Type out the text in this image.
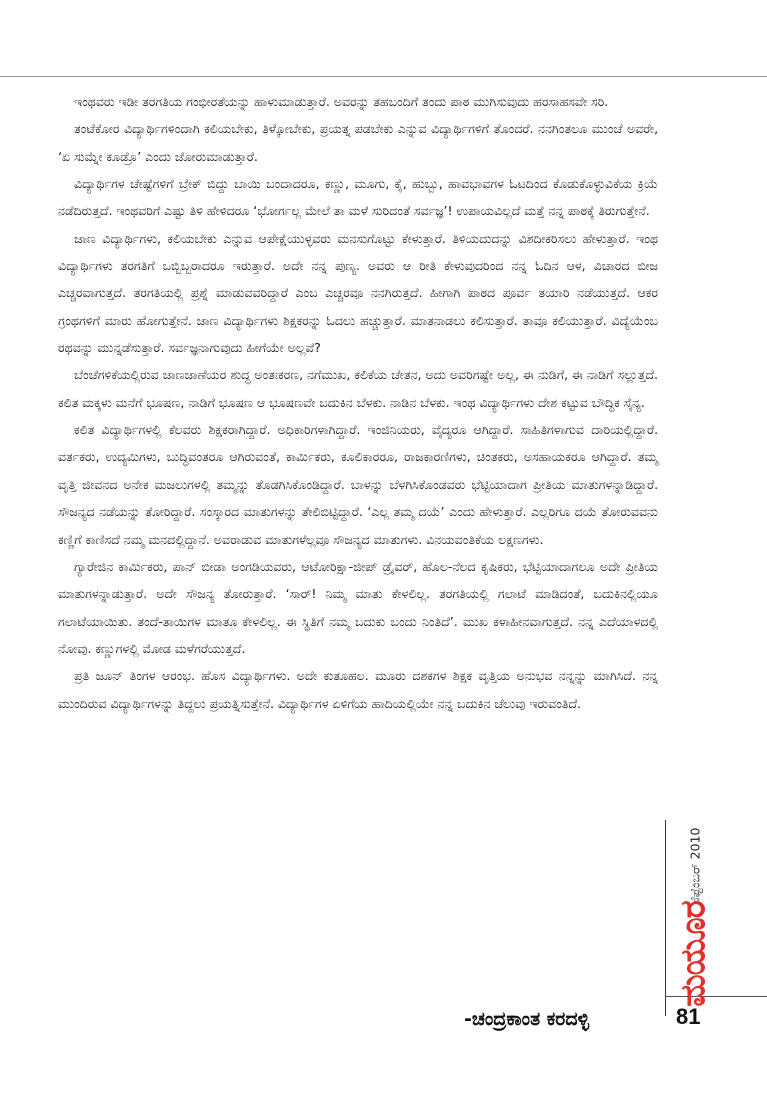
ಇಂಥವರು ಇಡೀ ತರಗತಿಯ ಗಂಭೀರತೆಯನ್ನು ಹಾಳುಮಾಡುತ್ತಾರೆ. ಅವರನ್ನು ತಹಬಂದಿಗೆ ತಂದು ಪಾಠ ಮುಗಿಸುವುದು ಹರಸಾಹಸವೇ ಸರಿ.

ತಂಟೆಕೋರ ವಿದ್ಯಾರ್ಥಿಗಳಿಂದಾಗಿ ಕಲಿಯಬೇಕು, ತಿಳ್ಕೋಬೇಕು, ಪ್ರಯತ್ನ ಪಡಬೇಕು ಎನ್ನುವ ವಿದ್ಯಾರ್ಥಿಗಳಿಗೆ ತೊಂದರೆ. ನನಗಿಂತಲೂ ಮುಂಚೆ ಅವರೇ, ‘ಏ ಸುಮ್ನೇ ಕೂಡ್ರೊ’ ಎಂದು ಜೋರುಮಾಡುತ್ತಾರೆ.

ವಿದ್ಯಾರ್ಥಿಗಳ ಚೇಷ್ಟೆಗಳಿಗೆ ಬ್ರೇಕ್ ಬಿದ್ದು ಬಾಯಿ ಬಂದಾದರೂ, ಕಣ್ಣು, ಮೂಗು, ಕೈ, ಹುಬ್ಬು, ಹಾವಭಾವಗಳ ಓಟದಿಂದ ಕೊಡುಕೊಳ್ಳುವಿಕೆಯ ಕ್ರಿಯೆ ನಡೆದಿರುತ್ತದೆ. ಇಂಥವರಿಗೆ ಎಷ್ಟು ತಿಳಿ ಹೇಳಿದರೂ ‘ಭೋರ್ಗಲ್ಲ ಮೇಲೆ ತಾ ಮಳೆ ಸುರಿದಂತೆ ಸರ್ವಜ್ಞ’! ಉಪಾಯವಿಲ್ಲದೆ ಮತ್ತೆ ನನ್ನ ಪಾಠಕ್ಕೆ ತಿರುಗುತ್ತೇನೆ.

ಜಾಣ ವಿದ್ಯಾರ್ಥಿಗಳು, ಕಲಿಯಬೇಕು ಎನ್ನುವ ಆಪೇಕ್ಷೆಯುಳ್ಳವರು ಮನಸುಗೊಟ್ಟು ಕೇಳುತ್ತಾರೆ. ತಿಳಿಯದುದನ್ನು ವಿಶದೀಕರಿಸಲು ಹೇಳುತ್ತಾರೆ. ಇಂಥ ವಿದ್ಯಾರ್ಥಿಗಳು ತರಗತಿಗೆ ಒಬ್ಬಿಬ್ಬರಾದರೂ ಇರುತ್ತಾರೆ. ಅದೇ ನನ್ನ ಪುಣ್ಯ. ಅವರು ಆ ರೀತಿ ಕೇಳುವುದರಿಂದ ನನ್ನ ಓದಿನ ಆಳ, ವಿಚಾರದ ಬೀಜ ಎಚ್ಚರವಾಗುತ್ತದೆ. ತರಗತಿಯಲ್ಲಿ ಪ್ರಶ್ನೆ ಮಾಡುವವರಿದ್ದಾರೆ ಎಂಬ ಎಚ್ಚರವೂ ನನಗಿರುತ್ತದೆ. ಹೀಗಾಗಿ ಪಾಠದ ಪೂರ್ವ ತಯಾರಿ ನಡೆಯುತ್ತದೆ. ಆಕರ ಗ್ರಂಥಗಳಿಗೆ ಮಾರು ಹೋಗುತ್ತೇನೆ. ಜಾಣ ವಿದ್ಯಾರ್ಥಿಗಳು ಶಿಕ್ಷಕರನ್ನು ಓದಲು ಹಚ್ಚುತ್ತಾರೆ. ಮಾತನಾಡಲು ಕಲಿಸುತ್ತಾರೆ. ತಾವೂ ಕಲಿಯುತ್ತಾರೆ. ವಿದ್ಯೆಯೆಂಬ ರಥವನ್ನು ಮುನ್ನಡೆಸುತ್ತಾರೆ. ಸರ್ವಜ್ಞನಾಗುವುದು ಹೀಗೆಯೇ ಅಲ್ಲವೆ?

ಬೆಂಚೆಗಳಿಕೆಯಲ್ಲಿರುವ ಜಾಣಜಾಣೆಯರ ಶುದ್ಧ ಅಂತಃಕರಣ, ನಗೆಮುಖ, ಕಲಿಕೆಯ ಚೇತನ, ಅದು ಅವರಿಗಷ್ಟೇ ಅಲ್ಲ, ಈ ನುಡಿಗೆ, ಈ ನಾಡಿಗೆ ಸಲ್ಲುತ್ತದೆ. ಕಲಿತ ಮಕ್ಕಳು ಮನೆಗೆ ಭೂಷಣ, ನಾಡಿಗೆ ಭೂಷಣ ಆ ಭೂಷಣವೇ ಬದುಕಿನ ಬೆಳಕು. ನಾಡಿನ ಬೆಳಕು. ಇಂಥ ವಿದ್ಯಾರ್ಥಿಗಳು ದೇಶ ಕಟ್ಟುವ ಬೌದ್ಧಿಕ ಸೈನ್ಯ.

ಕಲಿತ ವಿದ್ಯಾರ್ಥಿಗಳಲ್ಲಿ ಕೆಲವರು ಶಿಕ್ಷಕರಾಗಿದ್ದಾರೆ. ಅಧಿಕಾರಿಗಳಾಗಿದ್ದಾರೆ. ಇಂಜಿನಿಯರು, ವೈದ್ಯರೂ ಆಗಿದ್ದಾರೆ. ಸಾಹಿತಿಗಳಾಗುವ ದಾರಿಯಲ್ಲಿದ್ದಾರೆ. ವರ್ತಕರು, ಉದ್ಯಮಿಗಳು, ಬುದ್ಧಿವಂತರೂ ಆಗಿರುವಂತೆ, ಕಾರ್ಮಿಕರು, ಕೂಲಿಕಾರರೂ, ರಾಜಕಾರಣಿಗಳು, ಚಿಂತಕರು, ಅಸಹಾಯಕರೂ ಆಗಿದ್ದಾರೆ. ತಮ್ಮ ವೃತ್ತಿ ಜೀವನದ ಅನೇಕ ಮಜಲುಗಳಲ್ಲಿ ತಮ್ಮನ್ನು ತೊಡಗಿಸಿಕೊಂಡಿದ್ದಾರೆ. ಬಾಳನ್ನು ಬೆಳಗಿಸಿಕೊಂಡವರು ಭೆಟ್ಟಿಯಾದಾಗ ಪ್ರೀತಿಯ ಮಾತುಗಳನ್ನಾಡಿದ್ದಾರೆ. ಸೌಜನ್ಯದ ನಡೆಯನ್ನು ತೋರಿದ್ದಾರೆ. ಸಂಸ್ಕಾರದ ಮಾತುಗಳನ್ನು ತೇಲಿಬಿಟ್ಟಿದ್ದಾರೆ. ‘ಎಲ್ಲ ತಮ್ಮ ದಯೆ’ ಎಂದು ಹೇಳುತ್ತಾರೆ. ಎಲ್ಲರಿಗೂ ದಯೆ ತೋರುವವನು ಕಣ್ಣಿಗೆ ಕಾಣಿಸದೆ ನಮ್ಮ ಮನದಲ್ಲಿದ್ದಾನೆ. ಅವರಾಡುವ ಮಾತುಗಳೆಲ್ಲವೂ ಸೌಜನ್ಯದ ಮಾತುಗಳು. ವಿನಯವಂತಿಕೆಯ ಲಕ್ಷಣಗಳು.

ಗ್ಯಾರೇಜಿನ ಕಾರ್ಮಿಕರು, ಪಾನ್ ಬೀಡಾ ಅಂಗಡಿಯವರು, ಆಟೋರಿಕ್ಷಾ-ಜೀಪ್ ಡ್ರೈವರ್, ಹೊಲ-ನೆಲದ ಕೃಷಿಕರು, ಭೆಟ್ಟಿಯಾದಾಗಲೂ ಅದೇ ಪ್ರೀತಿಯ ಮಾತುಗಳನ್ನಾಡುತ್ತಾರೆ. ಅದೇ ಸೌಜನ್ಯ ತೋರುತ್ತಾರೆ. ‘ಸಾರ್! ನಿಮ್ಮ ಮಾತು ಕೇಳಲಿಲ್ಲ. ತರಗತಿಯಲ್ಲಿ ಗಲಾಟೆ ಮಾಡಿದಂತೆ, ಬದುಕಿನಲ್ಲಿಯೂ ಗಲಾಟೆಯಾಯಿತು. ತಂದೆ-ತಾಯಿಗಳ ಮಾತೂ ಕೇಳಲಿಲ್ಲ. ಈ ಸ್ಥಿತಿಗೆ ನಮ್ಮ ಬದುಕು ಬಂದು ನಿಂತಿದೆ’. ಮುಖ ಕಳಾಹೀನವಾಗುತ್ತದೆ. ನನ್ನ ಎದೆಯಾಳದಲ್ಲಿ ನೋವು. ಕಣ್ಣುಗಳಲ್ಲಿ ಮೋಡ ಮಳೆಗರೆಯುತ್ತದೆ.

ಪ್ರತಿ ಜೂನ್ ತಿಂಗಳ ಆರಂಭ. ಹೊಸ ವಿದ್ಯಾರ್ಥಿಗಳು. ಅದೇ ಕುತೂಹಲ. ಮೂರು ದಶಕಗಳ ಶಿಕ್ಷಕ ವೃತ್ತಿಯ ಅನುಭವ ನನ್ನನ್ನು ಮಾಗಿಸಿದೆ. ನನ್ನ ಮುಂದಿರುವ ವಿದ್ಯಾರ್ಥಿಗಳನ್ನು ತಿದ್ದಲು ಪ್ರಯತ್ನಿಸುತ್ತೇನೆ. ವಿದ್ಯಾರ್ಥಿಗಳ ಏಳಿಗೆಯ ಹಾದಿಯಲ್ಲಿಯೇ ನನ್ನ ಬದುಕಿನ ಚೆಲುವು ಇರುವಂತಿದೆ.

-ಚಂದ್ರಕಾಂತ ಕರದಳ್ಳಿ
ಸೆಪ್ಟೆಂಬರ್ 2010
ಮಯೂರ
81
